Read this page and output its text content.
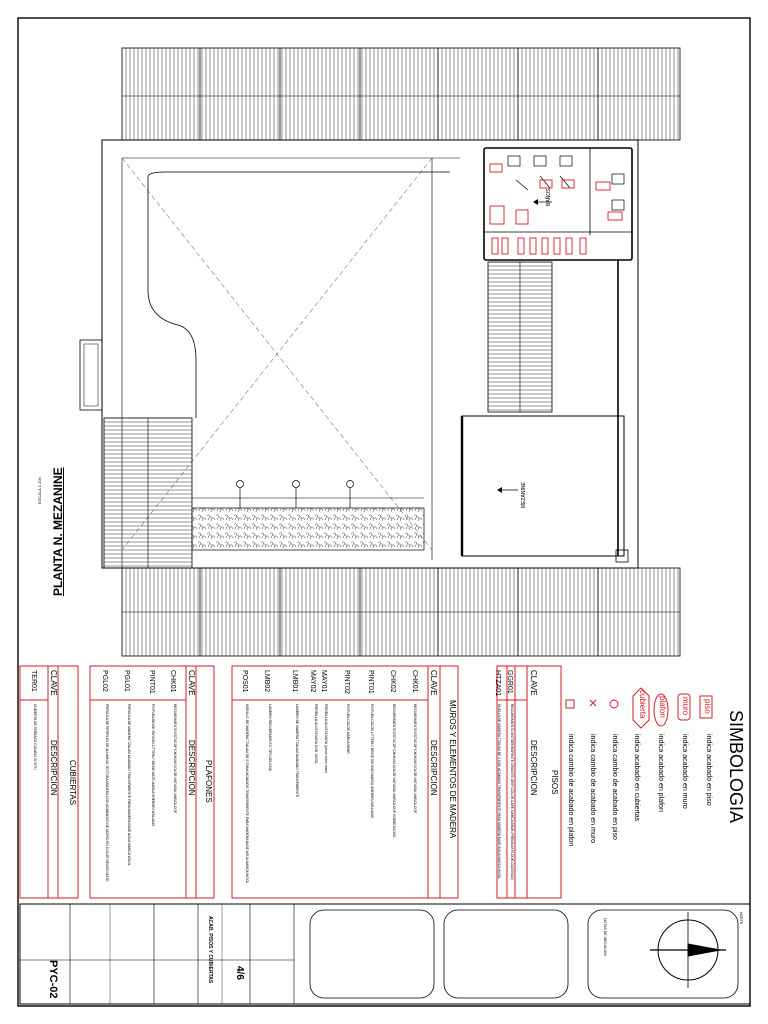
PLANTA N. MEZANINE
ESCALA 1:100
BAÑOS
MEZANINE
SIMBOLOGIA
piso
indica acabado en piso
muro
indica acabado en muro
plafon
indica acabado en plafon
cubierta
indica acabado en cubiertas
indica cambio de acabado en piso
indica cambio de acabado en muro
indica cambio de acabado en plafon
PISOS
CLAVE
DESCRIPCION
GGR01
RECUBRIMIENTO ANTIDERRAPANTE GRANITE GRIP COLOR CAFE MARCA BEAR (PREMIUM FLOOR COATINGS)
HTZA01
HUELLA DE MADERA TZALAM DE 2 CMS ACABADO TRANSPARENTE PARA MADERA BASE AGUA MARCA WOOL
MUROS Y ELEMENTOS DE MADERA
CLAVE
DESCRIPCION
CHK01
RECUBRIMIENTO ESTUCOP CHUKUM COLOR NATURAL MARCA COP
CHK02
RECUBRIMIENTO ESTUCOP CHUKUM COLOR NATURAL MARCA COP SOBRE BLOCK
PINT01
PINTURA COLOR LITTERLY BEIGE SW 6080 MARCA SHERWIN WILLIAMS
PINT02
PINTURA COLOR MARCA BEHR
MAY01
PIEDRA LAJA LISTA MAYA (precio sobre base)
MAY02
PIEDRA LAJA LISTA MAYA CON JUNTA
LMB01
LAMBRIN DE MADERA TZALAM ACABADO TRANSPARENTE
LMB02
LAMBRIN RECUBRIMIENTO TIPO CELOSIA
POS01
MORILLO DE MADERA TZALAM DE 6" DIAM ACABADO TRANSPARENTE PARA MADERA BASE AGUA MARCA WOOL
PLAFONES
CLAVE
DESCRIPCION
CHK01
RECUBRIMIENTO ESTUCOP CHUKUM COLOR NATURAL MARCA COP
PINT01
PINTURA BEIGE SW 6080 LITTERLY BEIGE MATE MARCA SHERWIN WILLIAMS
PGL01
PERGOLA DE MADERA TZALAM ACABADO TRANSPARENTE PARA MADERA BASE AGUA MARCA WOOL
PGL02
PERGOLA DE PERFILES DE ALUMINIO TEXTURA MADERA CON ACABADOS DE ACERO EN COLOR NEGRO MATE
CUBIERTAS
CLAVE
DESCRIPCION
TER01
CUBIERTA DE TERRAZO COLADO IN SITU
PYC-02	4/6
ACAB. PISOS Y CUBIERTAS	NORTE
NOTAS DE UBICACION
